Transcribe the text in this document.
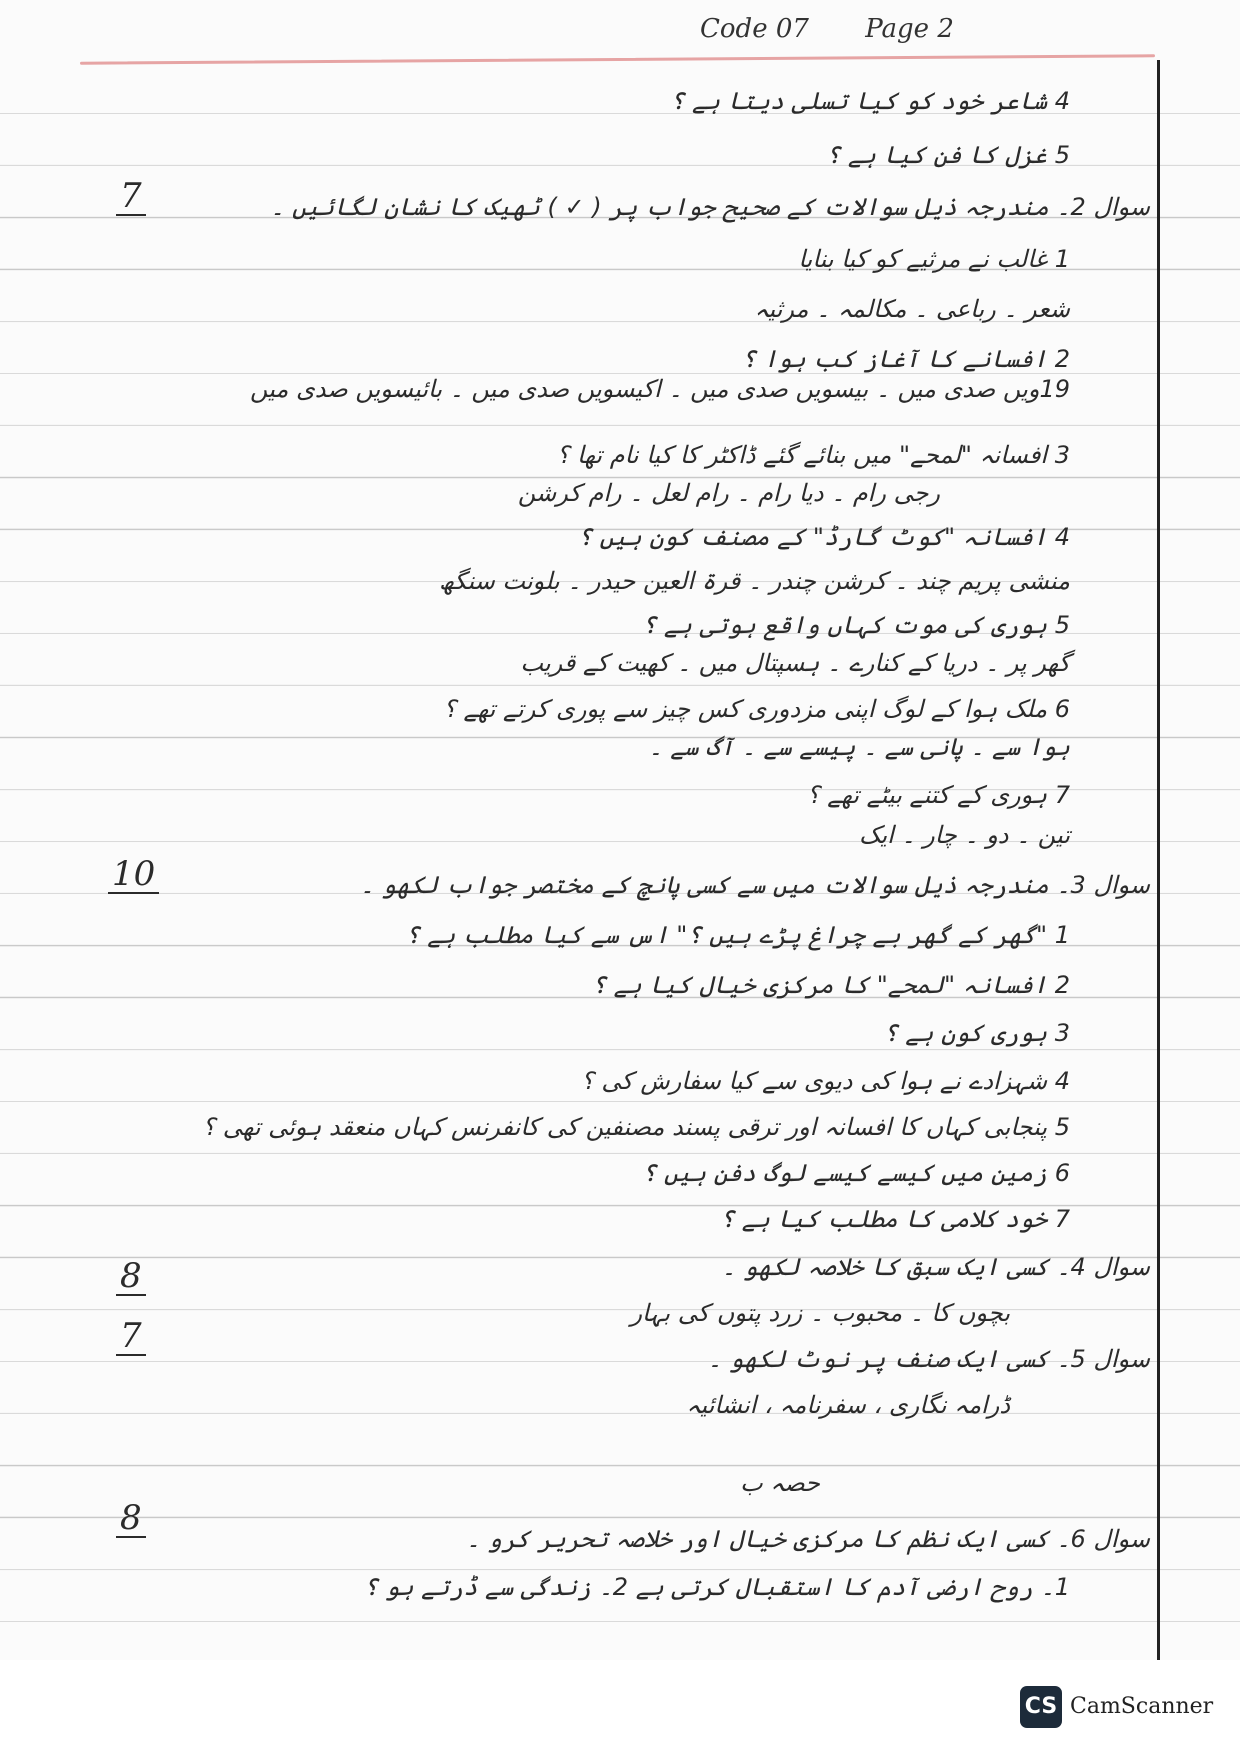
Code 07 Page 2
4 شاعر خود کو کیا تسلی دیتا ہے ؟
5 غزل کا فن کیا ہے ؟
سوال 2۔ مندرجہ ذیل سوالات کے صحیح جواب پر ( ✓ ) ٹھیک کا نشان لگائیں ۔
1 غالب نے مرثیے کو کیا بنایا
شعر ۔ رباعی ۔ مکالمہ ۔ مرثیہ
2 افسانے کا آغاز کب ہوا ؟
19ویں صدی میں ۔ بیسویں صدی میں ۔ اکیسویں صدی میں ۔ بائیسویں صدی میں
3 افسانہ "لمحے" میں بنائے گئے ڈاکٹر کا کیا نام تھا ؟
رجی رام ۔ دیا رام ۔ رام لعل ۔ رام کرشن
4 افسانہ "کوٹ گارڈ" کے مصنف کون ہیں ؟
منشی پریم چند ۔ کرشن چندر ۔ قرۃ العین حیدر ۔ بلونت سنگھ
5 ہوری کی موت کہاں واقع ہوتی ہے ؟
گھر پر ۔ دریا کے کنارے ۔ ہسپتال میں ۔ کھیت کے قریب
6 ملک ہوا کے لوگ اپنی مزدوری کس چیز سے پوری کرتے تھے ؟
ہوا سے ۔ پانی سے ۔ پیسے سے ۔ آگ سے ۔
7 ہوری کے کتنے بیٹے تھے ؟
تین ۔ دو ۔ چار ۔ ایک
سوال 3۔ مندرجہ ذیل سوالات میں سے کسی پانچ کے مختصر جواب لکھو ۔
1 "گھر کے گھر بے چراغ پڑے ہیں ؟" اس سے کیا مطلب ہے ؟
2 افسانہ "لمحے" کا مرکزی خیال کیا ہے ؟
3 ہوری کون ہے ؟
4 شہزادے نے ہوا کی دیوی سے کیا سفارش کی ؟
5 پنجابی کہاں کا افسانہ اور ترقی پسند مصنفین کی کانفرنس کہاں منعقد ہوئی تھی ؟
6 زمین میں کیسے کیسے لوگ دفن ہیں ؟
7 خود کلامی کا مطلب کیا ہے ؟
سوال 4۔ کسی ایک سبق کا خلاصہ لکھو ۔
بچوں کا ۔ محبوب ۔ زرد پتوں کی بہار
سوال 5۔ کسی ایک صنف پر نوٹ لکھو ۔
ڈرامہ نگاری ، سفرنامہ ، انشائیہ
حصہ ب
سوال 6۔ کسی ایک نظم کا مرکزی خیال اور خلاصہ تحریر کرو ۔
1۔ روح ارضی آدم کا استقبال کرتی ہے 2۔ زندگی سے ڈرتے ہو ؟
7
10
8
7
8
CS CamScanner
